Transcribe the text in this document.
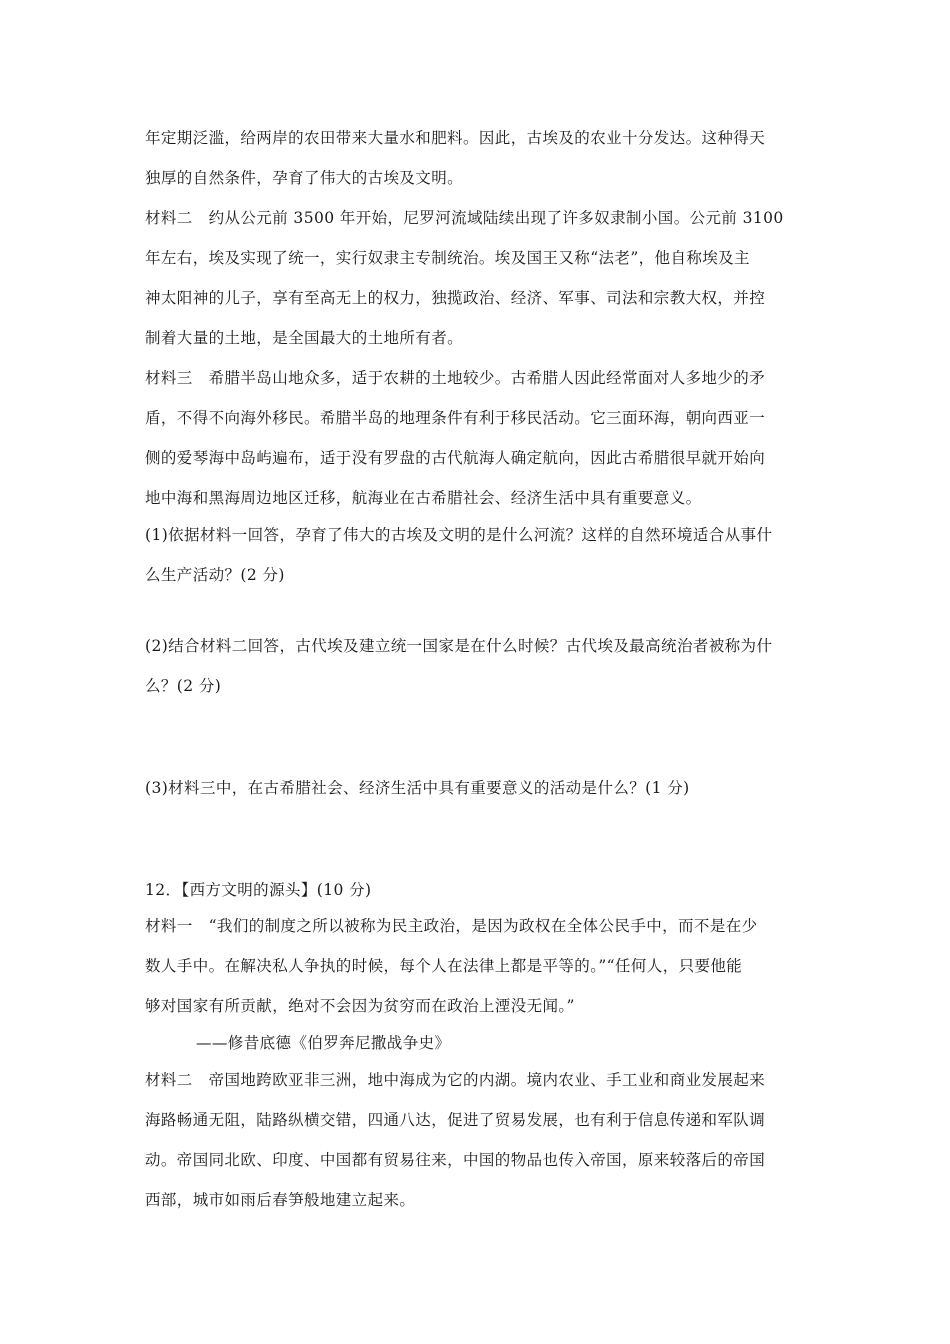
年定期泛滥，给两岸的农田带来大量水和肥料。因此，古埃及的农业十分发达。这种得天
独厚的自然条件，孕育了伟大的古埃及文明。
材料二　约从公元前 3500 年开始，尼罗河流域陆续出现了许多奴隶制小国。公元前 3100
年左右，埃及实现了统一，实行奴隶主专制统治。埃及国王又称“法老”，他自称埃及主
神太阳神的儿子，享有至高无上的权力，独揽政治、经济、军事、司法和宗教大权，并控
制着大量的土地，是全国最大的土地所有者。
材料三　希腊半岛山地众多，适于农耕的土地较少。古希腊人因此经常面对人多地少的矛
盾，不得不向海外移民。希腊半岛的地理条件有利于移民活动。它三面环海，朝向西亚一
侧的爱琴海中岛屿遍布，适于没有罗盘的古代航海人确定航向，因此古希腊很早就开始向
地中海和黑海周边地区迁移，航海业在古希腊社会、经济生活中具有重要意义。
(1)依据材料一回答，孕育了伟大的古埃及文明的是什么河流？这样的自然环境适合从事什
么生产活动？(2 分)
(2)结合材料二回答，古代埃及建立统一国家是在什么时候？古代埃及最高统治者被称为什
么？(2 分)
(3)材料三中，在古希腊社会、经济生活中具有重要意义的活动是什么？(1 分)
12．【西方文明的源头】(10 分)
材料一　“我们的制度之所以被称为民主政治，是因为政权在全体公民手中，而不是在少
数人手中。在解决私人争执的时候，每个人在法律上都是平等的。”“任何人，只要他能
够对国家有所贡献，绝对不会因为贫穷而在政治上湮没无闻。”
——修昔底德《伯罗奔尼撒战争史》
材料二　帝国地跨欧亚非三洲，地中海成为它的内湖。境内农业、手工业和商业发展起来
海路畅通无阻，陆路纵横交错，四通八达，促进了贸易发展，也有利于信息传递和军队调
动。帝国同北欧、印度、中国都有贸易往来，中国的物品也传入帝国，原来较落后的帝国
西部，城市如雨后春笋般地建立起来。
